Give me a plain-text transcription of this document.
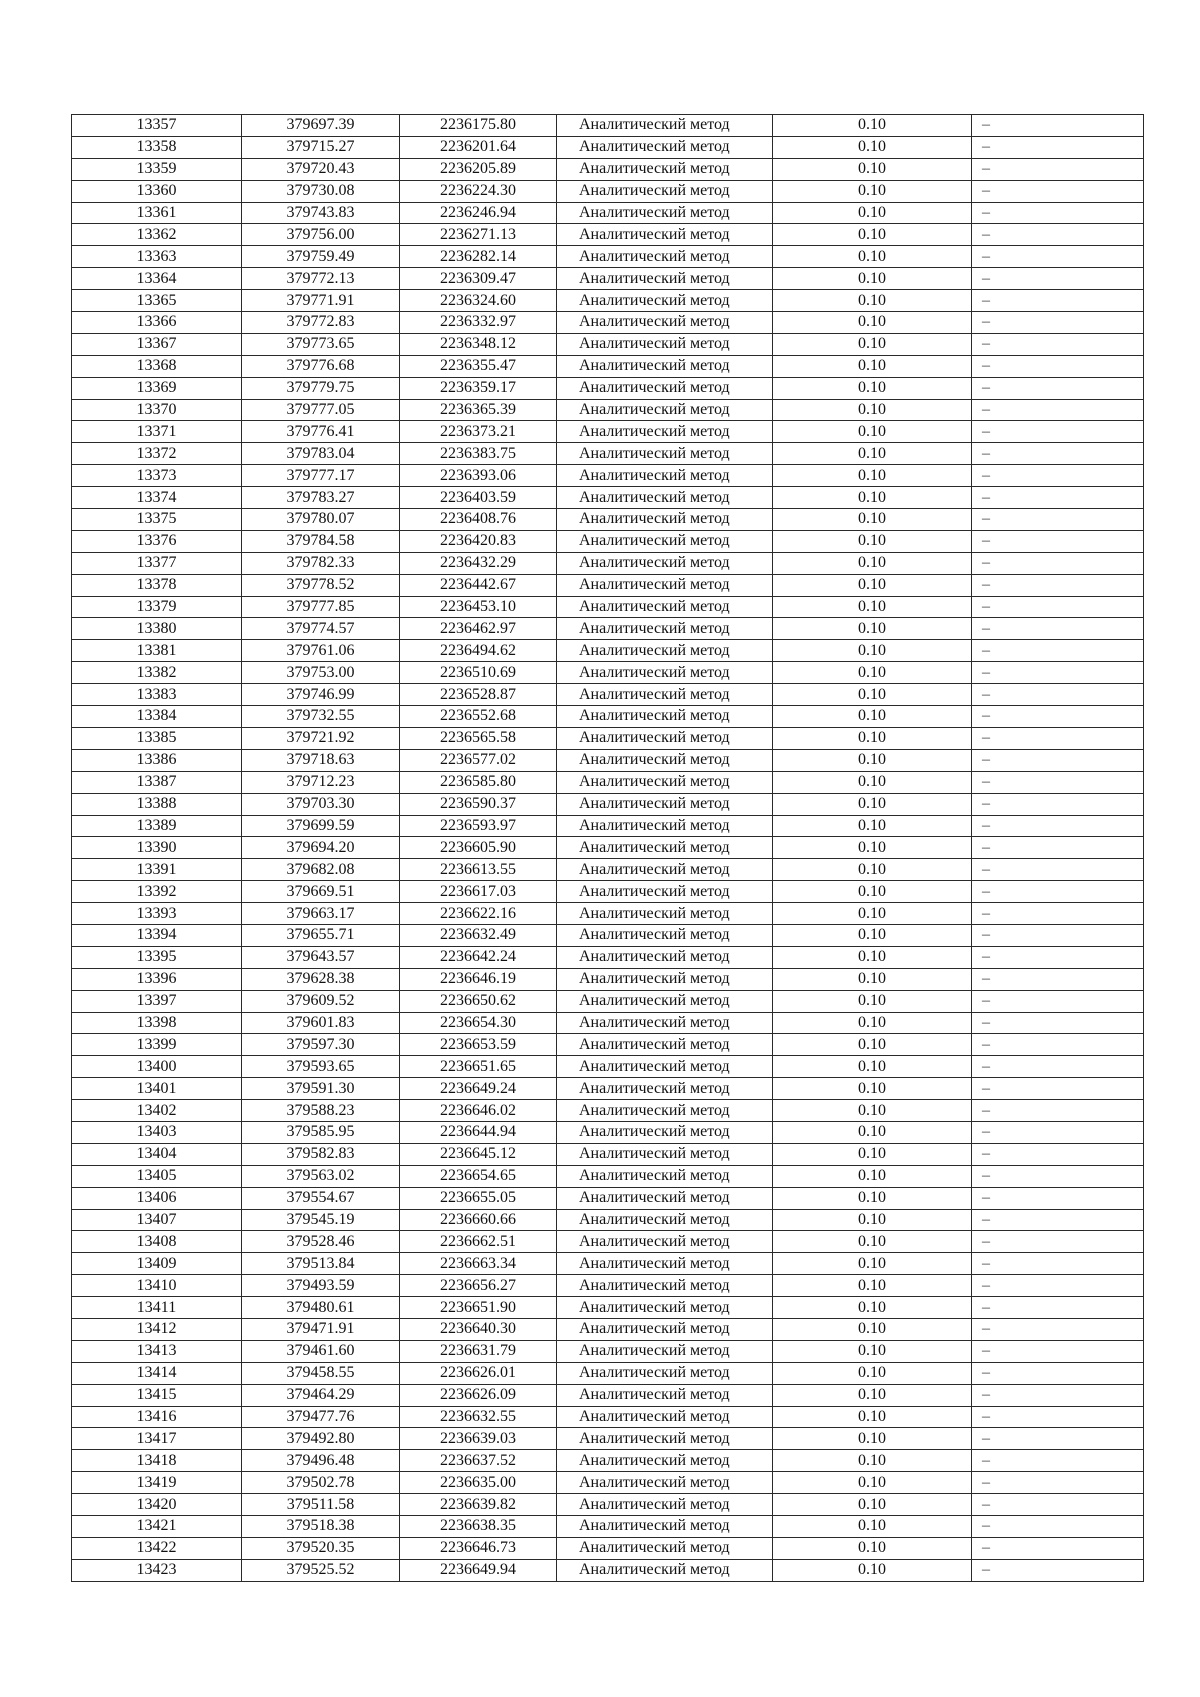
13357	379697.39	2236175.80	Аналитический метод	0.10	–
13358	379715.27	2236201.64	Аналитический метод	0.10	–
13359	379720.43	2236205.89	Аналитический метод	0.10	–
13360	379730.08	2236224.30	Аналитический метод	0.10	–
13361	379743.83	2236246.94	Аналитический метод	0.10	–
13362	379756.00	2236271.13	Аналитический метод	0.10	–
13363	379759.49	2236282.14	Аналитический метод	0.10	–
13364	379772.13	2236309.47	Аналитический метод	0.10	–
13365	379771.91	2236324.60	Аналитический метод	0.10	–
13366	379772.83	2236332.97	Аналитический метод	0.10	–
13367	379773.65	2236348.12	Аналитический метод	0.10	–
13368	379776.68	2236355.47	Аналитический метод	0.10	–
13369	379779.75	2236359.17	Аналитический метод	0.10	–
13370	379777.05	2236365.39	Аналитический метод	0.10	–
13371	379776.41	2236373.21	Аналитический метод	0.10	–
13372	379783.04	2236383.75	Аналитический метод	0.10	–
13373	379777.17	2236393.06	Аналитический метод	0.10	–
13374	379783.27	2236403.59	Аналитический метод	0.10	–
13375	379780.07	2236408.76	Аналитический метод	0.10	–
13376	379784.58	2236420.83	Аналитический метод	0.10	–
13377	379782.33	2236432.29	Аналитический метод	0.10	–
13378	379778.52	2236442.67	Аналитический метод	0.10	–
13379	379777.85	2236453.10	Аналитический метод	0.10	–
13380	379774.57	2236462.97	Аналитический метод	0.10	–
13381	379761.06	2236494.62	Аналитический метод	0.10	–
13382	379753.00	2236510.69	Аналитический метод	0.10	–
13383	379746.99	2236528.87	Аналитический метод	0.10	–
13384	379732.55	2236552.68	Аналитический метод	0.10	–
13385	379721.92	2236565.58	Аналитический метод	0.10	–
13386	379718.63	2236577.02	Аналитический метод	0.10	–
13387	379712.23	2236585.80	Аналитический метод	0.10	–
13388	379703.30	2236590.37	Аналитический метод	0.10	–
13389	379699.59	2236593.97	Аналитический метод	0.10	–
13390	379694.20	2236605.90	Аналитический метод	0.10	–
13391	379682.08	2236613.55	Аналитический метод	0.10	–
13392	379669.51	2236617.03	Аналитический метод	0.10	–
13393	379663.17	2236622.16	Аналитический метод	0.10	–
13394	379655.71	2236632.49	Аналитический метод	0.10	–
13395	379643.57	2236642.24	Аналитический метод	0.10	–
13396	379628.38	2236646.19	Аналитический метод	0.10	–
13397	379609.52	2236650.62	Аналитический метод	0.10	–
13398	379601.83	2236654.30	Аналитический метод	0.10	–
13399	379597.30	2236653.59	Аналитический метод	0.10	–
13400	379593.65	2236651.65	Аналитический метод	0.10	–
13401	379591.30	2236649.24	Аналитический метод	0.10	–
13402	379588.23	2236646.02	Аналитический метод	0.10	–
13403	379585.95	2236644.94	Аналитический метод	0.10	–
13404	379582.83	2236645.12	Аналитический метод	0.10	–
13405	379563.02	2236654.65	Аналитический метод	0.10	–
13406	379554.67	2236655.05	Аналитический метод	0.10	–
13407	379545.19	2236660.66	Аналитический метод	0.10	–
13408	379528.46	2236662.51	Аналитический метод	0.10	–
13409	379513.84	2236663.34	Аналитический метод	0.10	–
13410	379493.59	2236656.27	Аналитический метод	0.10	–
13411	379480.61	2236651.90	Аналитический метод	0.10	–
13412	379471.91	2236640.30	Аналитический метод	0.10	–
13413	379461.60	2236631.79	Аналитический метод	0.10	–
13414	379458.55	2236626.01	Аналитический метод	0.10	–
13415	379464.29	2236626.09	Аналитический метод	0.10	–
13416	379477.76	2236632.55	Аналитический метод	0.10	–
13417	379492.80	2236639.03	Аналитический метод	0.10	–
13418	379496.48	2236637.52	Аналитический метод	0.10	–
13419	379502.78	2236635.00	Аналитический метод	0.10	–
13420	379511.58	2236639.82	Аналитический метод	0.10	–
13421	379518.38	2236638.35	Аналитический метод	0.10	–
13422	379520.35	2236646.73	Аналитический метод	0.10	–
13423	379525.52	2236649.94	Аналитический метод	0.10	–
